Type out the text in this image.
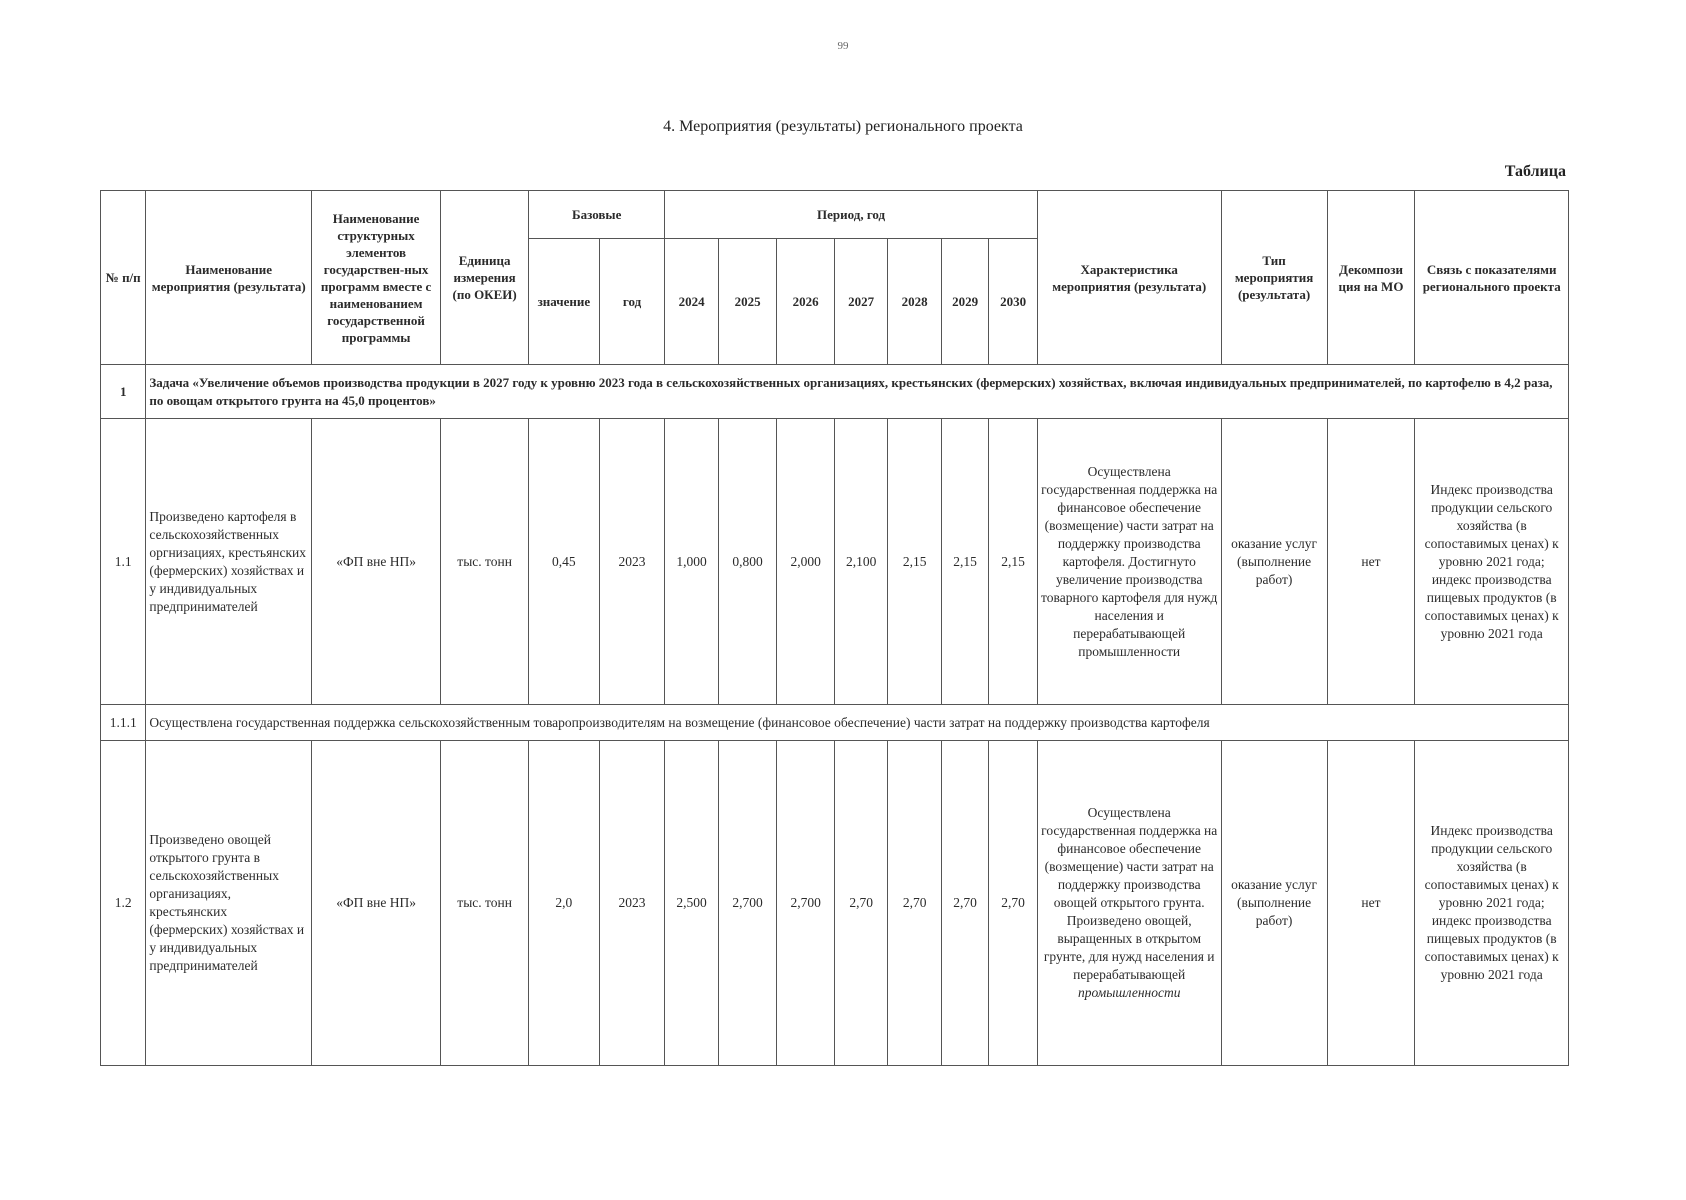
99
4. Мероприятия (результаты) регионального проекта
Таблица
№ п/п	Наименование мероприятия (результата)	Наименование структурных элементов государствен-ных программ вместе с наименованием государственной программы	Единица измерения (по ОКЕИ)	Базовые		Период, год							Характеристика мероприятия (результата)	Тип мероприятия (результата)	Декомпози ция на МО	Связь с показателями регионального проекта
				значение	год	2024	2025	2026	2027	2028	2029	2030				
1	Задача «Увеличение объемов производства продукции в 2027 году к уровню 2023 года в сельскохозяйственных организациях, крестьянских (фермерских) хозяйствах, включая индивидуальных предпринимателей, по картофелю в 4,2 раза, по овощам открытого грунта на 45,0 процентов»															
1.1	Произведено картофеля в сельскохозяйственных оргнизациях, крестьянских (фермерских) хозяйствах и у индивидуальных предпринимателей	«ФП вне НП»	тыс. тонн	0,45	2023	1,000	0,800	2,000	2,100	2,15	2,15	2,15	Осуществлена государственная поддержка на финансовое обеспечение (возмещение) части затрат на поддержку производства картофеля. Достигнуто увеличение производства товарного картофеля для нужд населения и перерабатывающей промышленности	оказание услуг (выполнение работ)	нет	Индекс производства продукции сельского хозяйства (в сопоставимых ценах) к уровню 2021 года; индекс производства пищевых продуктов (в сопоставимых ценах) к уровню 2021 года
1.1.1	Осуществлена государственная поддержка сельскохозяйственным товаропроизводителям на возмещение (финансовое обеспечение) части затрат на поддержку производства картофеля															
1.2	Произведено овощей открытого грунта в сельскохозяйственных организациях, крестьянских (фермерских) хозяйствах и у индивидуальных предпринимателей	«ФП вне НП»	тыс. тонн	2,0	2023	2,500	2,700	2,700	2,70	2,70	2,70	2,70	Осуществлена государственная поддержка на финансовое обеспечение (возмещение) части затрат на поддержку производства овощей открытого грунта. Произведено овощей, выращенных в открытом грунте, для нужд населения и перерабатывающей промышленности	оказание услуг (выполнение работ)	нет	Индекс производства продукции сельского хозяйства (в сопоставимых ценах) к уровню 2021 года; индекс производства пищевых продуктов (в сопоставимых ценах) к уровню 2021 года
